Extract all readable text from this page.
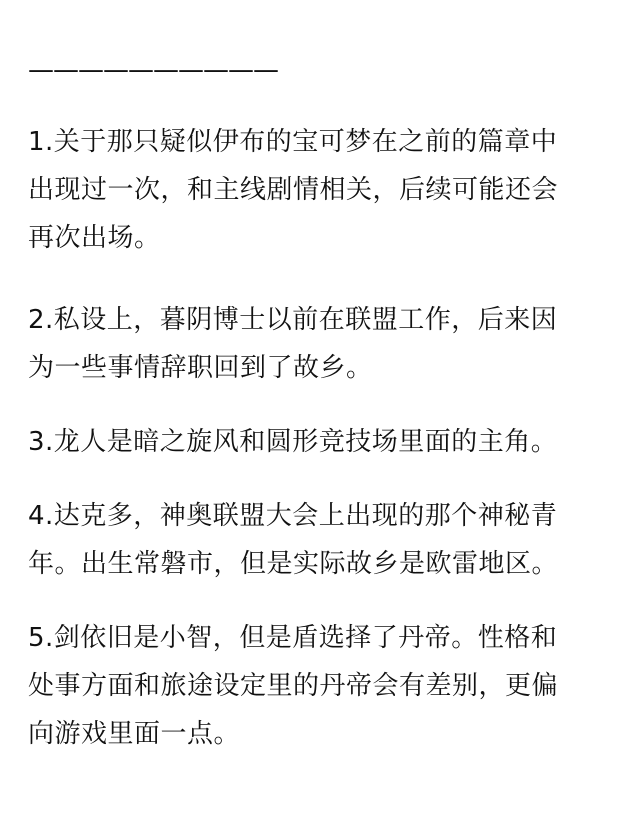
——————————

1.关于那只疑似伊布的宝可梦在之前的篇章中
出现过一次，和主线剧情相关，后续可能还会
再次出场。

2.私设上，暮阴博士以前在联盟工作，后来因
为一些事情辞职回到了故乡。

3.龙人是暗之旋风和圆形竞技场里面的主角。

4.达克多，神奥联盟大会上出现的那个神秘青
年。出生常磐市，但是实际故乡是欧雷地区。

5.剑依旧是小智，但是盾选择了丹帝。性格和
处事方面和旅途设定里的丹帝会有差别，更偏
向游戏里面一点。
